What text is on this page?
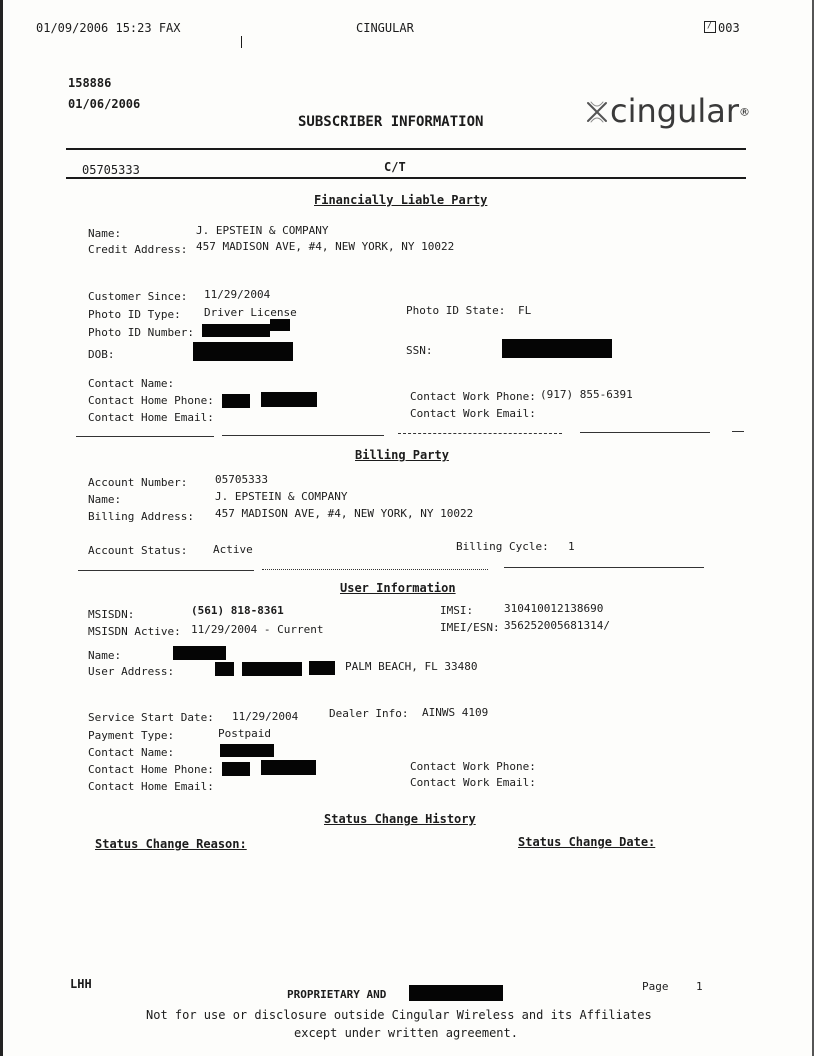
01/09/2006 15:23 FAX	CINGULAR	/ 003
158886
01/06/2006
SUBSCRIBER INFORMATION	cingular®
05705333	C/T
Financially Liable Party
Name:	J. EPSTEIN & COMPANY
Credit Address: 457 MADISON AVE, #4, NEW YORK, NY 10022
Customer Since: 11/29/2004
Photo ID Type: Driver License	Photo ID State: FL
Photo ID Number:
DOB:	SSN:
Contact Name:
Contact Home Phone:	Contact Work Phone: (917) 855-6391
Contact Home Email:	Contact Work Email:
Billing Party
Account Number:	05705333
Name:	J. EPSTEIN & COMPANY
Billing Address: 457 MADISON AVE, #4, NEW YORK, NY 10022
Account Status: Active	Billing Cycle: 1
User Information
MSISDN:	(561) 818-8361	IMSI:	310410012138690
MSISDN Active: 11/29/2004 - Current	IMEI/ESN: 356252005681314/
Name:
User Address:	PALM BEACH, FL 33480
Service Start Date: 11/29/2004	Dealer Info: AINWS 4109
Payment Type:	Postpaid
Contact Name:
Contact Home Phone:	Contact Work Phone:
Contact Home Email:	Contact Work Email:
Status Change History
Status Change Reason:	Status Change Date:
LHH
PROPRIETARY AND
Page	1
Not for use or disclosure outside Cingular Wireless and its Affiliates
except under written agreement.
